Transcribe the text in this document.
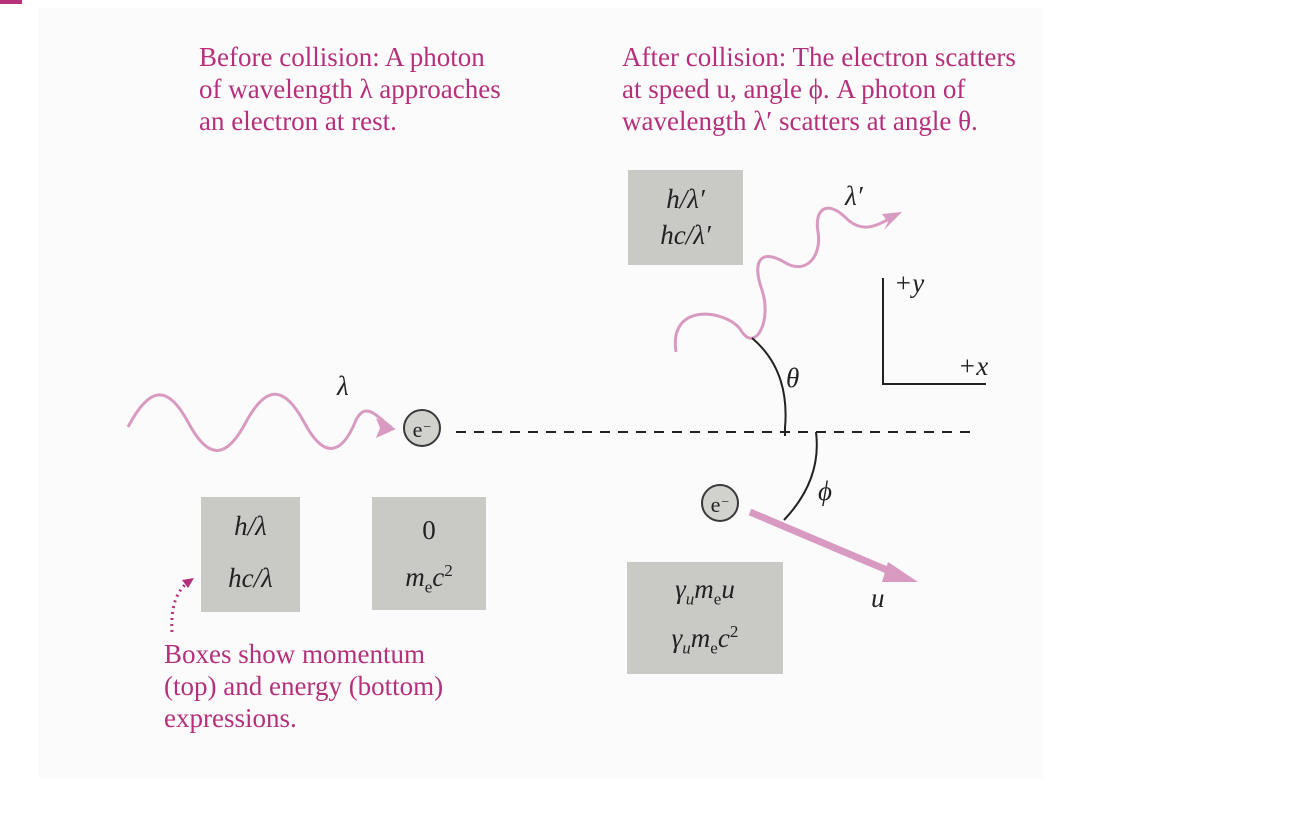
Before collision: A photon
of wavelength λ approaches
an electron at rest.
After collision: The electron scatters
at speed u, angle ϕ. A photon of
wavelength λ′ scatters at angle θ.
Boxes show momentum
(top) and energy (bottom)
expressions.
e−
e−
λ
λ′
θ
ϕ
u
+y
+x
h/λ
hc/λ
0
$m_ec^2$
h/λ′
hc/λ′
$\gamma_um_eu$
$\gamma_um_ec^2$
